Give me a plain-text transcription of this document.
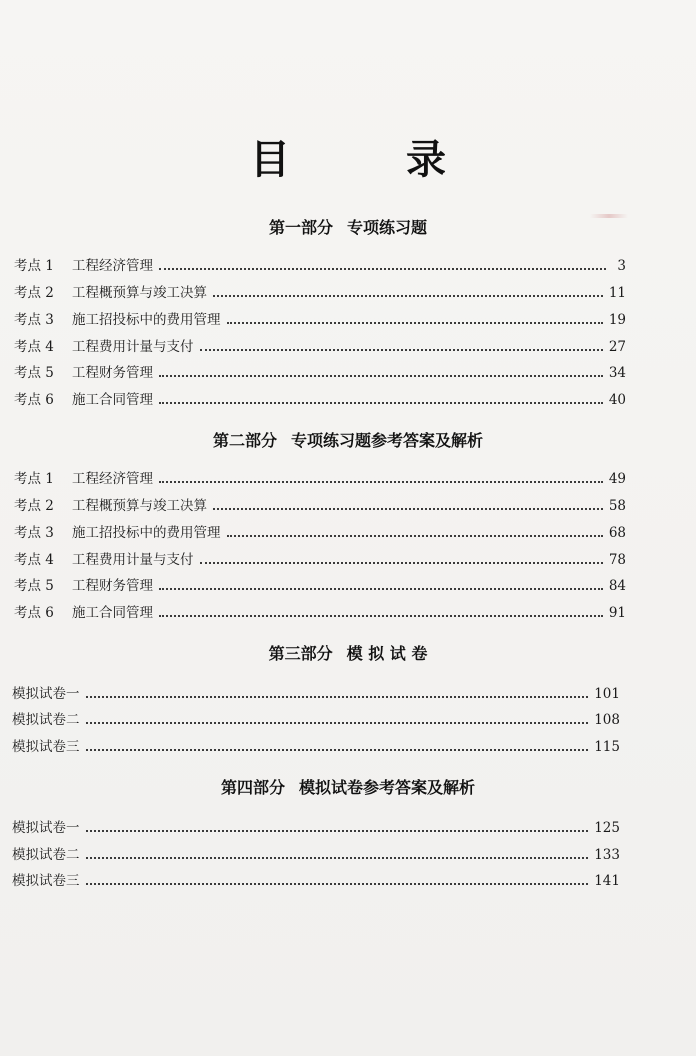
目　录
第一部分 专项练习题
考点 1	工程经济管理	3
考点 2	工程概预算与竣工决算	11
考点 3	施工招投标中的费用管理	19
考点 4	工程费用计量与支付	27
考点 5	工程财务管理	34
考点 6	施工合同管理	40
第二部分 专项练习题参考答案及解析
考点 1	工程经济管理	49
考点 2	工程概预算与竣工决算	58
考点 3	施工招投标中的费用管理	68
考点 4	工程费用计量与支付	78
考点 5	工程财务管理	84
考点 6	施工合同管理	91
第三部分 模 拟 试 卷
模拟试卷一	101
模拟试卷二	108
模拟试卷三	115
第四部分 模拟试卷参考答案及解析
模拟试卷一	125
模拟试卷二	133
模拟试卷三	141
